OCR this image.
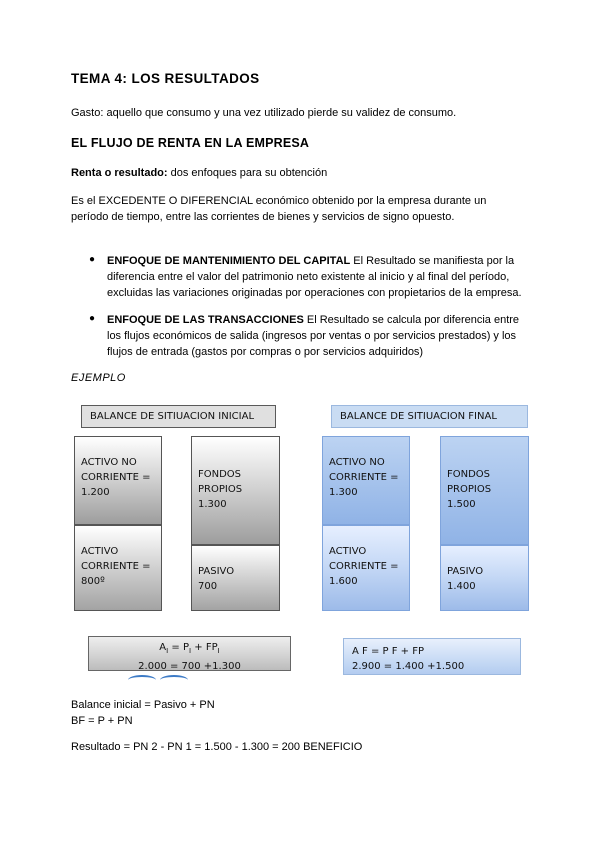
TEMA 4: LOS RESULTADOS
Gasto: aquello que consumo y una vez utilizado pierde su validez de consumo.
EL FLUJO DE RENTA EN LA EMPRESA
Renta o resultado: dos enfoques para su obtención
Es el EXCEDENTE O DIFERENCIAL económico obtenido por la empresa durante un
período de tiempo, entre las corrientes de bienes y servicios de signo opuesto.
● ENFOQUE DE MANTENIMIENTO DEL CAPITAL El Resultado se manifiesta por la
diferencia entre el valor del patrimonio neto existente al inicio y al final del período,
excluidas las variaciones originadas por operaciones con propietarios de la empresa.
● ENFOQUE DE LAS TRANSACCIONES El Resultado se calcula por diferencia entre
los flujos económicos de salida (ingresos por ventas o por servicios prestados) y los
flujos de entrada (gastos por compras o por servicios adquiridos)
EJEMPLO
BALANCE DE SITIUACION INICIAL
ACTIVO NO
CORRIENTE =
1.200
ACTIVO
CORRIENTE =
800º
FONDOS
PROPIOS
1.300
PASIVO
700
$A_I = P_I + FP_I$
2.000 = 700 +1.300
BALANCE DE SITIUACION FINAL
ACTIVO NO
CORRIENTE =
1.300
ACTIVO
CORRIENTE =
1.600
FONDOS
PROPIOS
1.500
PASIVO
1.400
A F = P F + FP
2.900 = 1.400 +1.500
Balance inicial = Pasivo + PN
BF = P + PN
Resultado = PN 2 - PN 1 = 1.500 - 1.300 = 200 BENEFICIO
